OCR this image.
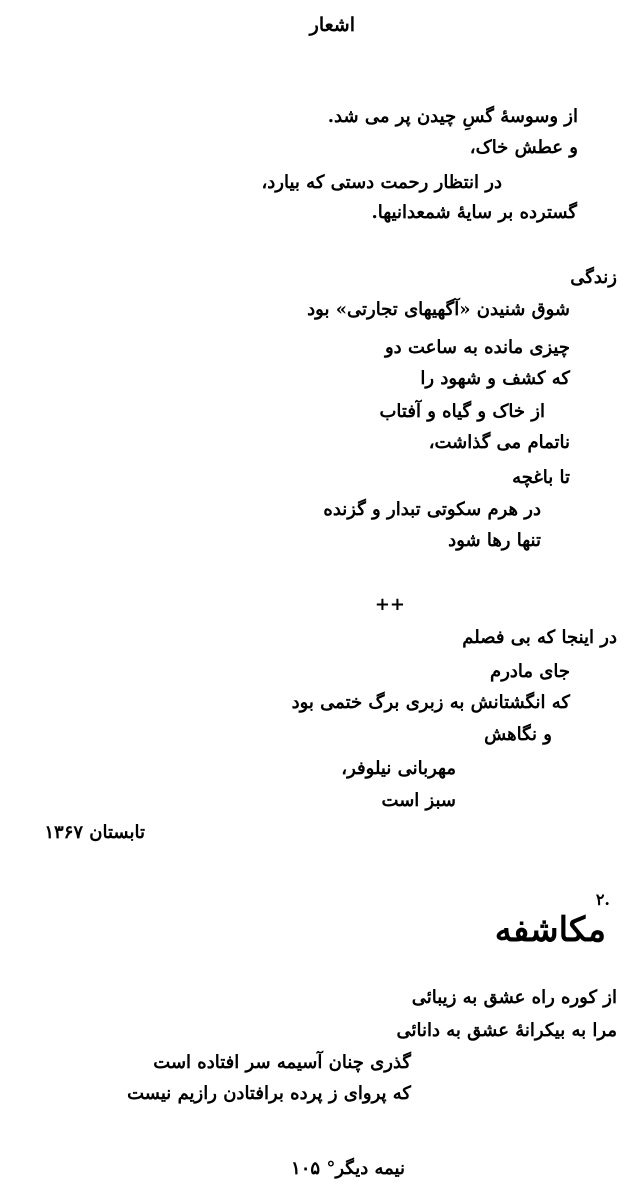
اشعار
از وسوسهٔ گسِ چیدن پر می شد.
و عطش خاک،
در انتظار رحمت دستی که بیارد،
گسترده بر سایهٔ شمعدانیها.
زندگی
شوق شنیدن «آگهیهای تجارتی» بود
چیزی مانده به ساعت دو
که کشف و شهود را
از خاک و گیاه و آفتاب
ناتمام می گذاشت،
تا باغچه
در هرم سکوتی تبدار و گزنده
تنها رها شود
++
در اینجا که بی فصلم
جای مادرم
که انگشتانش به زبری برگ ختمی بود
و نگاهش
مهربانی نیلوفر،
سبز است
تابستان ۱۳۶۷
۲.
مکاشفه
از کوره راه عشق به زیبائی
مرا به بیکرانهٔ عشق به دانائی
گذری چنان آسیمه سر افتاده است
که پروای ز پرده برافتادن رازیم نیست
نیمه دیگر° ۱۰۵
